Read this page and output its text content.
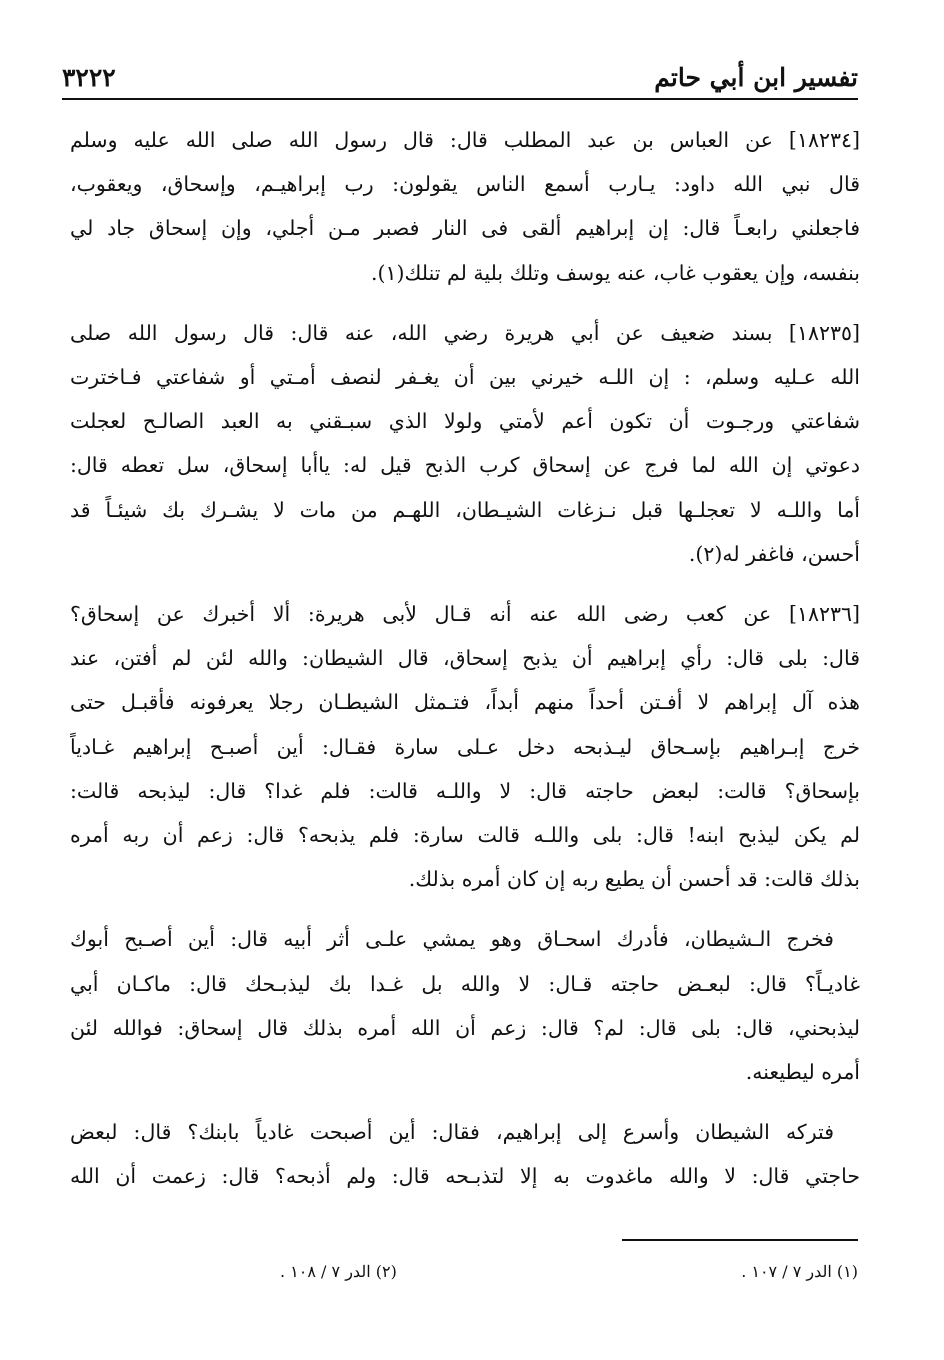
٣٢٢٢	تفسير ابن أبي حاتم
[١٨٢٣٤] عن العباس بن عبد المطلب قال: قال رسول الله صلى الله عليه وسلم
قال نبي الله داود: يـارب أسمع الناس يقولون: رب إبراهيـم، وإسحاق، ويعقوب،
فاجعلني رابعـاً قال: إن إبراهيم ألقى فى النار فصبر مـن أجلي، وإن إسحاق جاد لي
بنفسه، وإن يعقوب غاب، عنه يوسف وتلك بلية لم تنلك(١).
[١٨٢٣٥] بسند ضعيف عن أبي هريرة رضي الله، عنه قال: قال رسول الله صلى
الله عـليه وسلم، : إن اللـه خيرني بين أن يغـفر لنصف أمـتي أو شفاعتي فـاخترت
شفاعتي ورجـوت أن تكون أعم لأمتي ولولا الذي سبـقني به العبد الصالـح لعجلت
دعوتي إن الله لما فرج عن إسحاق كرب الذبح قيل له: ياأبا إسحاق، سل تعطه قال:
أما واللـه لا تعجلـها قبل نـزغات الشيـطان، اللهـم من مات لا يشـرك بك شيئـاً قد
أحسن، فاغفر له(٢).
[١٨٢٣٦] عن كعب رضى الله عنه أنه قـال لأبى هريرة: ألا أخبرك عن إسحاق؟
قال: بلى قال: رأي إبراهيم أن يذبح إسحاق، قال الشيطان: والله لئن لم أفتن، عند
هذه آل إبراهم لا أفـتن أحداً منهم أبداً، فتـمثل الشيطـان رجلا يعرفونه فأقبـل حتى
خرج إبـراهيم بإسـحاق ليـذبحه دخل عـلى سارة فقـال: أين أصبـح إبراهيم غـادياً
بإسحاق؟ قالت: لبعض حاجته قال: لا واللـه قالت: فلم غدا؟ قال: ليذبحه قالت:
لم يكن ليذبح ابنه! قال: بلى واللـه قالت سارة: فلم يذبحه؟ قال: زعم أن ربه أمره
بذلك قالت: قد أحسن أن يطيع ربه إن كان أمره بذلك.
فخرج الـشيطان، فأدرك اسحـاق وهو يمشي علـى أثر أبيه قال: أين أصـبح أبوك
غاديـاً؟ قال: لبعـض حاجته قـال: لا والله بل غـدا بك ليذبـحك قال: ماكـان أبي
ليذبحني، قال: بلى قال: لم؟ قال: زعم أن الله أمره بذلك قال إسحاق: فوالله لئن
أمره ليطيعنه.
فتركه الشيطان وأسرع إلى إبراهيم، فقال: أين أصبحت غادياً بابنك؟ قال: لبعض
حاجتي قال: لا والله ماغدوت به إلا لتذبـحه قال: ولم أذبحه؟ قال: زعمت أن الله
(١) الدر ٧ / ١٠٧ .
(٢) الدر ٧ / ١٠٨ .
